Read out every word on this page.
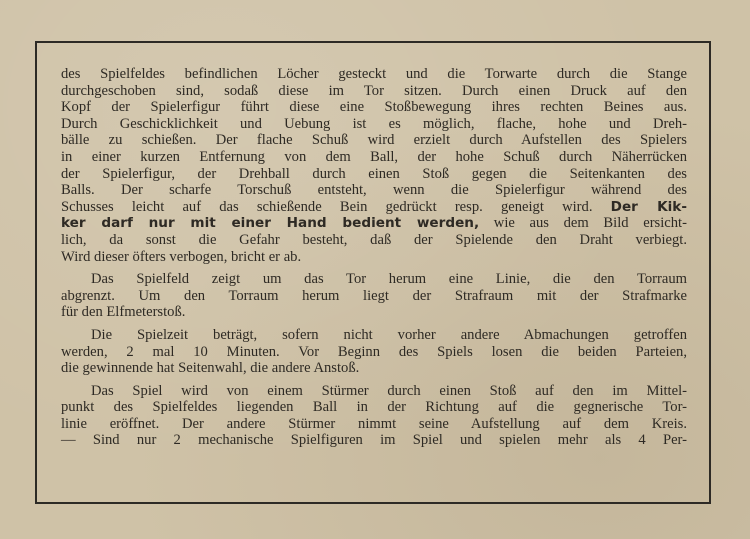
des Spielfeldes befindlichen Löcher gesteckt und die Torwarte durch die Stange
durchgeschoben sind, sodaß diese im Tor sitzen. Durch einen Druck auf den
Kopf der Spielerfigur führt diese eine Stoßbewegung ihres rechten Beines aus.
Durch Geschicklichkeit und Uebung ist es möglich, flache, hohe und Dreh-
bälle zu schießen. Der flache Schuß wird erzielt durch Aufstellen des Spielers
in einer kurzen Entfernung von dem Ball, der hohe Schuß durch Näherrücken
der Spielerfigur, der Drehball durch einen Stoß gegen die Seitenkanten des
Balls. Der scharfe Torschuß entsteht, wenn die Spielerfigur während des
Schusses leicht auf das schießende Bein gedrückt resp. geneigt wird. Der Kik-
ker darf nur mit einer Hand bedient werden, wie aus dem Bild ersicht-
lich, da sonst die Gefahr besteht, daß der Spielende den Draht verbiegt.
Wird dieser öfters verbogen, bricht er ab.
Das Spielfeld zeigt um das Tor herum eine Linie, die den Torraum
abgrenzt. Um den Torraum herum liegt der Strafraum mit der Strafmarke
für den Elfmeterstoß.
Die Spielzeit beträgt, sofern nicht vorher andere Abmachungen getroffen
werden, 2 mal 10 Minuten. Vor Beginn des Spiels losen die beiden Parteien,
die gewinnende hat Seitenwahl, die andere Anstoß.
Das Spiel wird von einem Stürmer durch einen Stoß auf den im Mittel-
punkt des Spielfeldes liegenden Ball in der Richtung auf die gegnerische Tor-
linie eröffnet. Der andere Stürmer nimmt seine Aufstellung auf dem Kreis.
— Sind nur 2 mechanische Spielfiguren im Spiel und spielen mehr als 4 Per-
